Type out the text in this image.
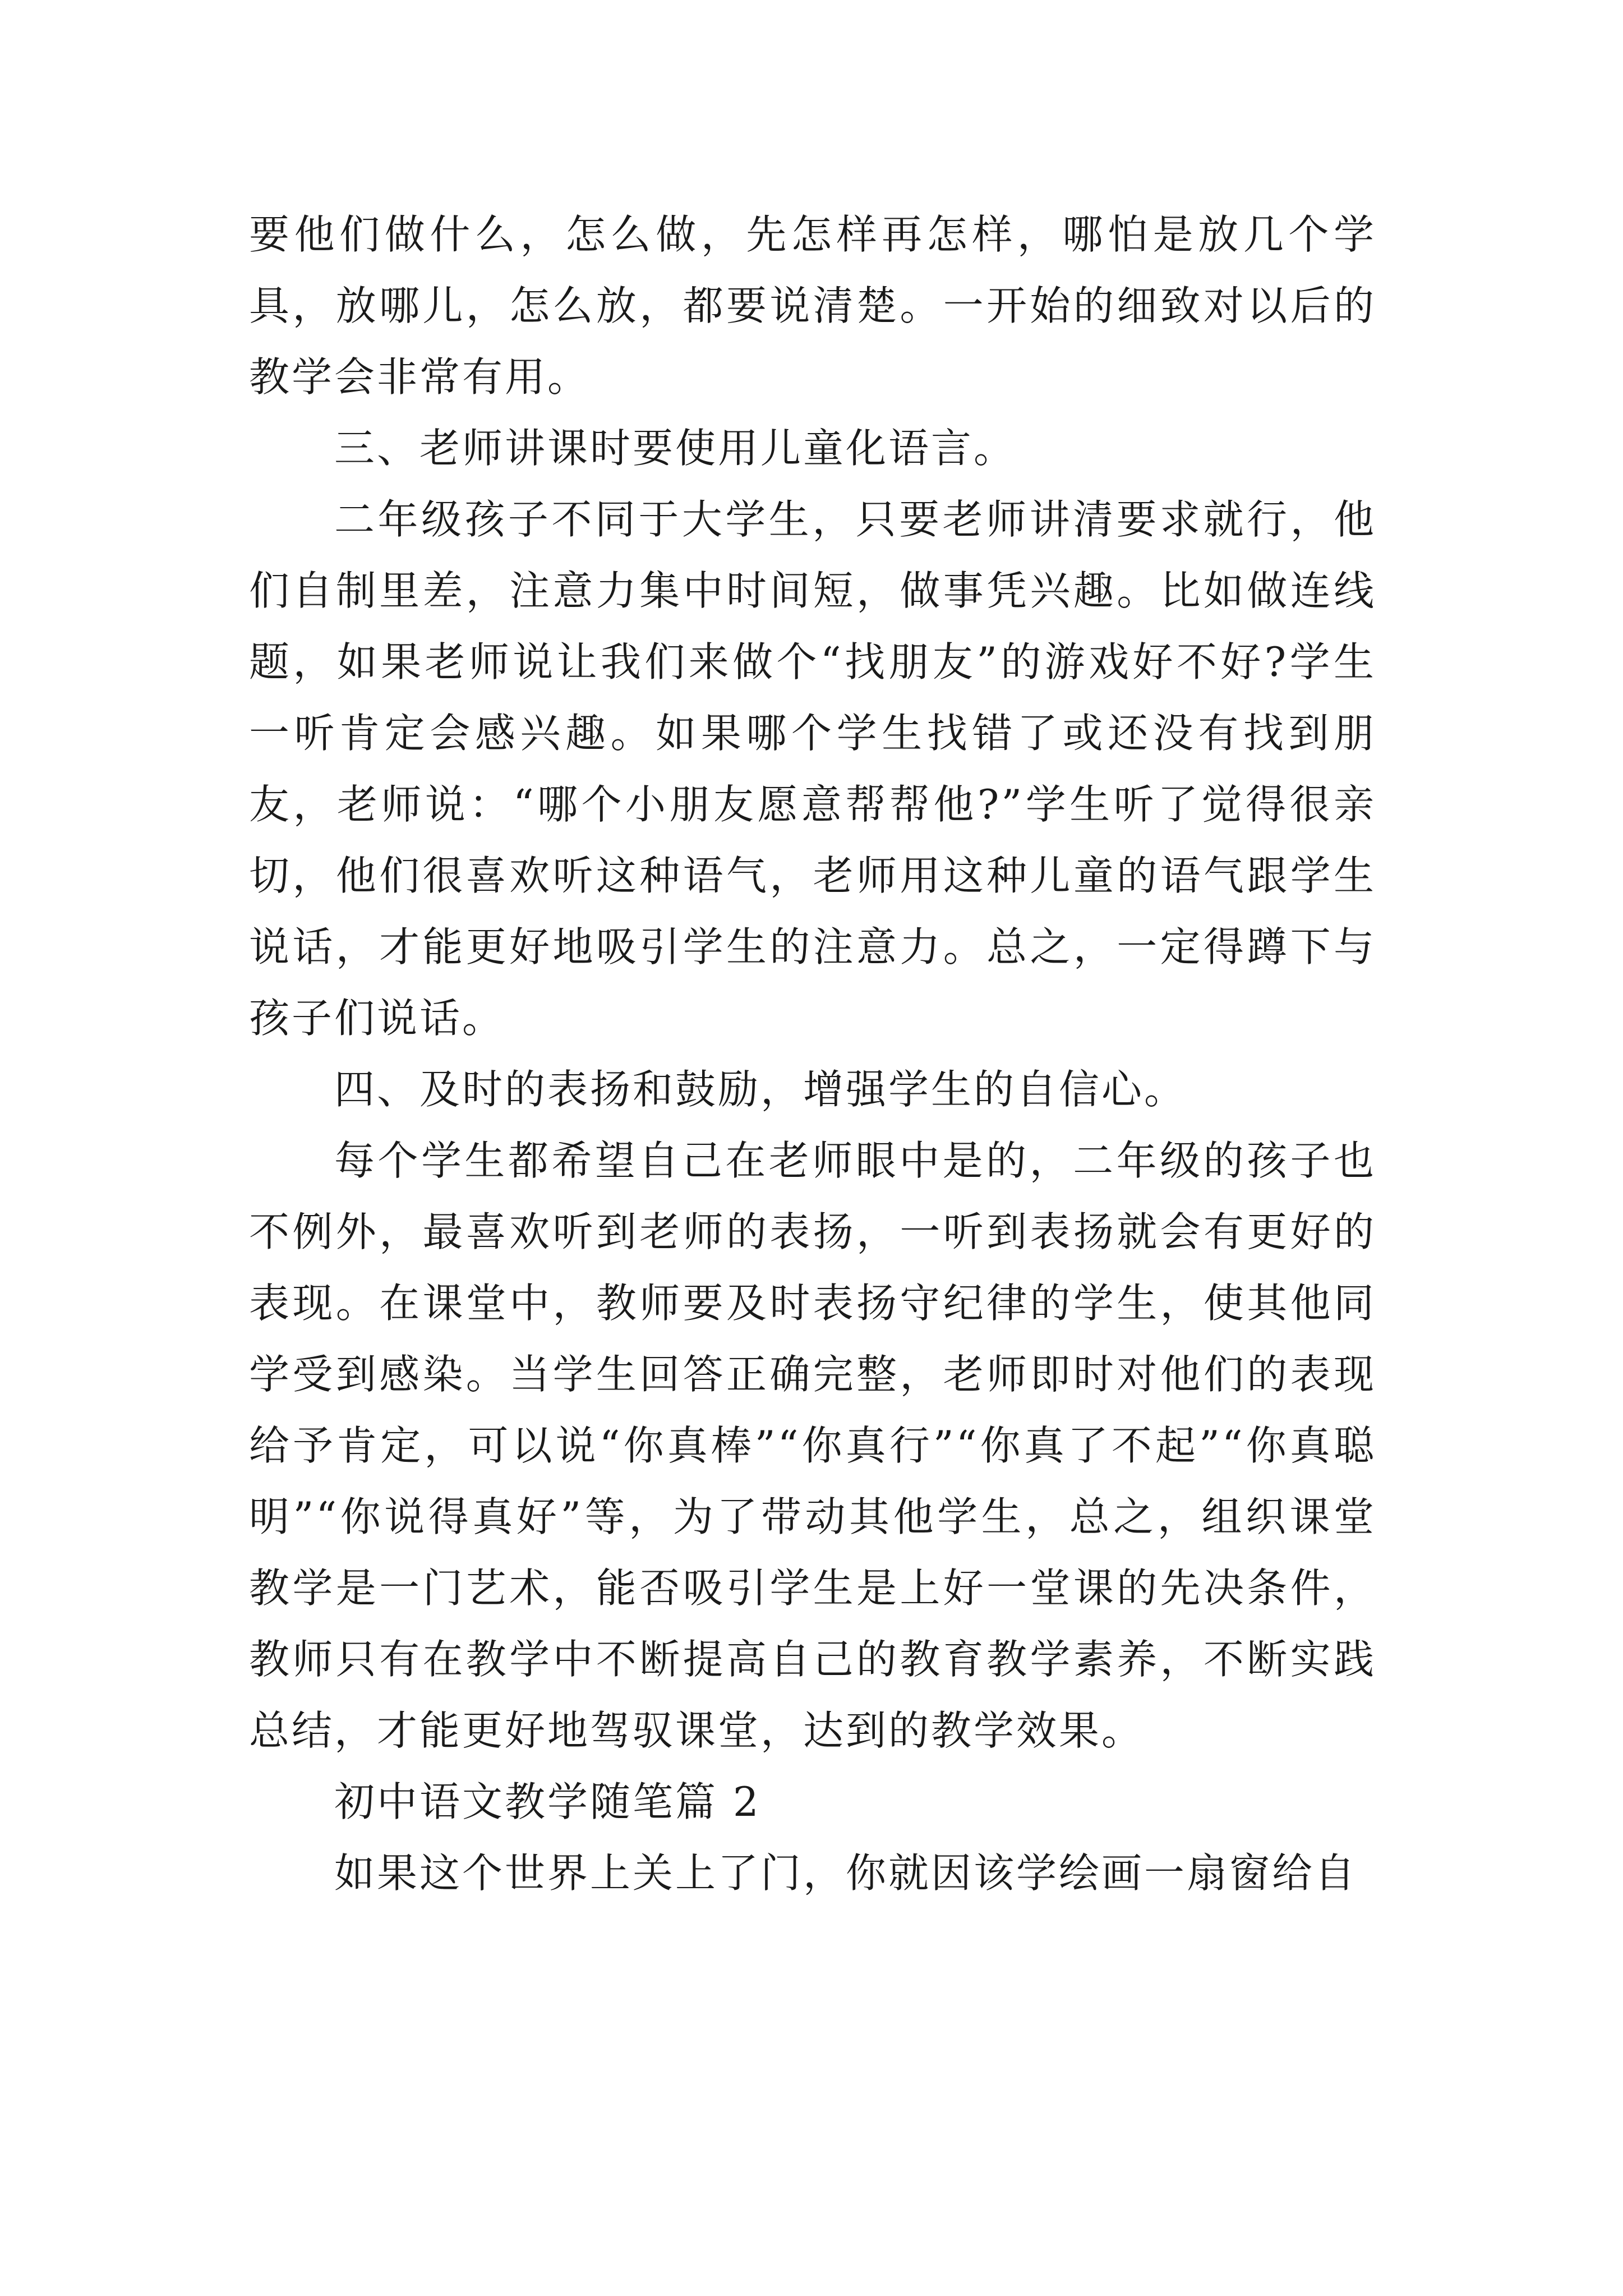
要他们做什么，怎么做，先怎样再怎样，哪怕是放几个学具，放哪儿，怎么放，都要说清楚。一开始的细致对以后的教学会非常有用。

三、老师讲课时要使用儿童化语言。

二年级孩子不同于大学生，只要老师讲清要求就行，他们自制里差，注意力集中时间短，做事凭兴趣。比如做连线题，如果老师说让我们来做个“找朋友”的游戏好不好?学生一听肯定会感兴趣。如果哪个学生找错了或还没有找到朋友，老师说：“哪个小朋友愿意帮帮他?”学生听了觉得很亲切，他们很喜欢听这种语气，老师用这种儿童的语气跟学生说话，才能更好地吸引学生的注意力。总之，一定得蹲下与孩子们说话。

四、及时的表扬和鼓励，增强学生的自信心。

每个学生都希望自己在老师眼中是的，二年级的孩子也不例外，最喜欢听到老师的表扬，一听到表扬就会有更好的表现。在课堂中，教师要及时表扬守纪律的学生，使其他同学受到感染。当学生回答正确完整，老师即时对他们的表现给予肯定，可以说“你真棒”“你真行”“你真了不起”“你真聪明”“你说得真好”等，为了带动其他学生，总之，组织课堂教学是一门艺术，能否吸引学生是上好一堂课的先决条件，教师只有在教学中不断提高自己的教育教学素养，不断实践总结，才能更好地驾驭课堂，达到的教学效果。

初中语文教学随笔篇 2

如果这个世界上关上了门，你就因该学绘画一扇窗给自
